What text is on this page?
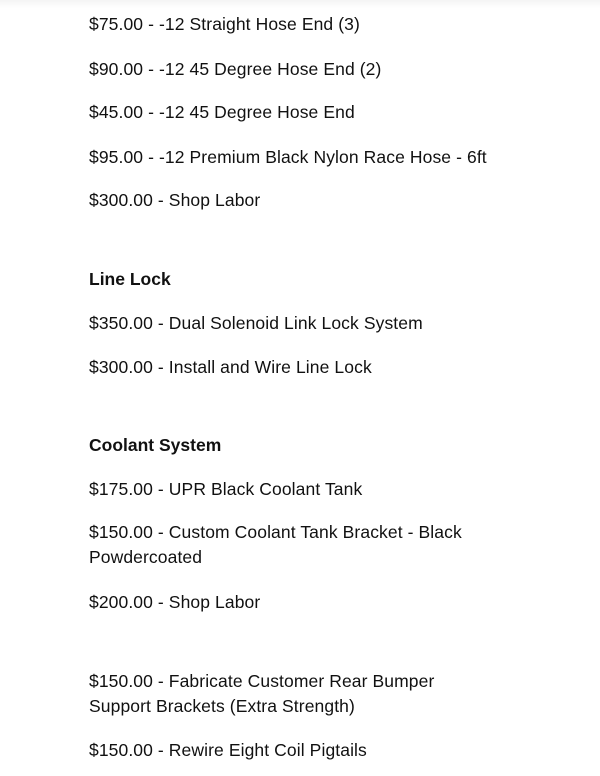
$75.00 - -12 Straight Hose End (3)
$90.00 - -12 45 Degree Hose End (2)
$45.00 - -12 45 Degree Hose End
$95.00 - -12 Premium Black Nylon Race Hose - 6ft
$300.00 - Shop Labor
Line Lock
$350.00 - Dual Solenoid Link Lock System
$300.00 - Install and Wire Line Lock
Coolant System
$175.00 - UPR Black Coolant Tank
$150.00 - Custom Coolant Tank Bracket - Black Powdercoated
$200.00 - Shop Labor
$150.00 - Fabricate Customer Rear Bumper Support Brackets (Extra Strength)
$150.00 - Rewire Eight Coil Pigtails
